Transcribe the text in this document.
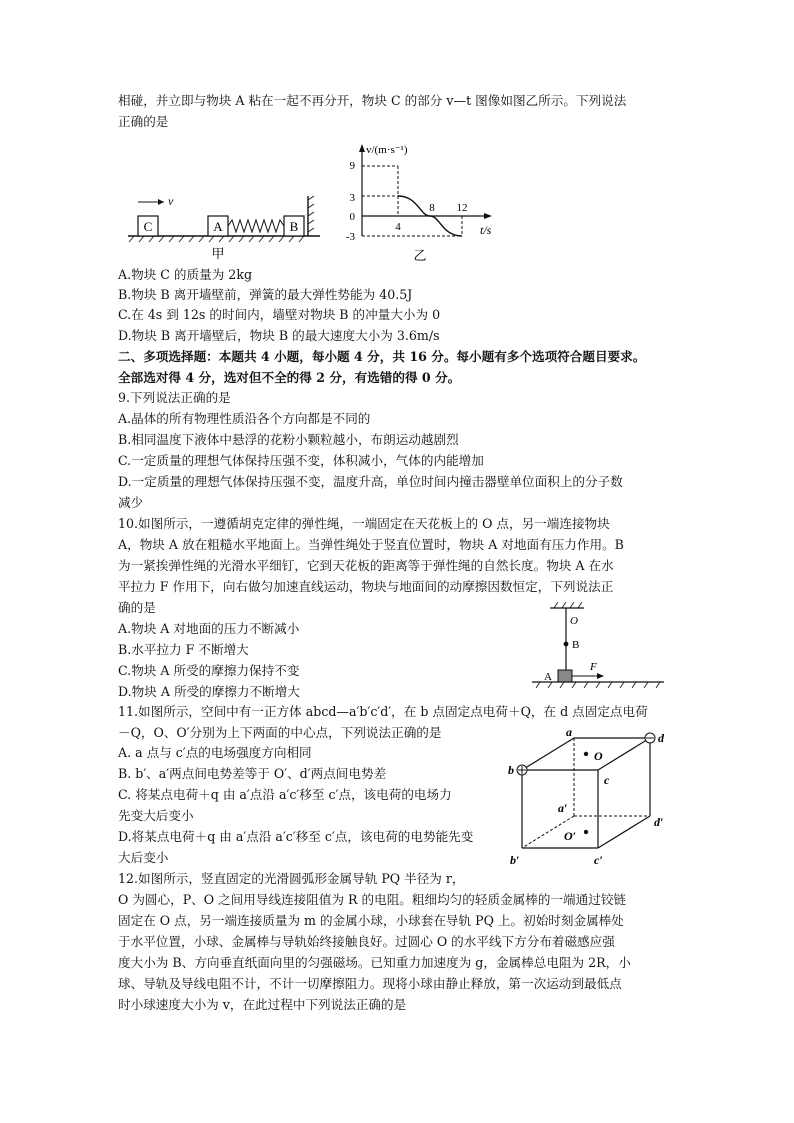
相碰，并立即与物块 A 粘在一起不再分开，物块 C 的部分 v—t 图像如图乙所示。下列说法
正确的是
C
v
A	B
甲
v/(m·s⁻¹)
t/s
9
3
0
-3
4
8 12
乙
A.物块 C 的质量为 2kg
B.物块 B 离开墙壁前，弹簧的最大弹性势能为 40.5J
C.在 4s 到 12s 的时间内，墙壁对物块 B 的冲量大小为 0
D.物块 B 离开墙壁后，物块 B 的最大速度大小为 3.6m/s
二、多项选择题：本题共 4 小题，每小题 4 分，共 16 分。每小题有多个选项符合题目要求。
全部选对得 4 分，选对但不全的得 2 分，有选错的得 0 分。
9.下列说法正确的是
A.晶体的所有物理性质沿各个方向都是不同的
B.相同温度下液体中悬浮的花粉小颗粒越小，布朗运动越剧烈
C.一定质量的理想气体保持压强不变，体积减小，气体的内能增加
D.一定质量的理想气体保持压强不变，温度升高，单位时间内撞击器壁单位面积上的分子数
减少
10.如图所示，一遵循胡克定律的弹性绳，一端固定在天花板上的 O 点，另一端连接物块
A，物块 A 放在粗糙水平地面上。当弹性绳处于竖直位置时，物块 A 对地面有压力作用。B
为一紧挨弹性绳的光滑水平细钉，它到天花板的距离等于弹性绳的自然长度。物块 A 在水
平拉力 F 作用下，向右做匀加速直线运动，物块与地面间的动摩擦因数恒定，下列说法正
确的是
A.物块 A 对地面的压力不断减小
B.水平拉力 F 不断增大
C.物块 A 所受的摩擦力保持不变
D.物块 A 所受的摩擦力不断增大
O
B
A
F
11.如图所示，空间中有一正方体 abcd—a′b′c′d′，在 b 点固定点电荷＋Q，在 d 点固定点电荷
－Q，O、O′分别为上下两面的中心点，下列说法正确的是
A. a 点与 c′点的电场强度方向相同
B. b′、a′两点间电势差等于 O′、d′两点间电势差
C. 将某点电荷＋q 由 a′点沿 a′c′移至 c′点，该电荷的电场力
先变大后变小
D.将某点电荷＋q 由 a′点沿 a′c′移至 c′点，该电荷的电势能先变
大后变小
a
b
c
d
O
a′
b′	c′
d′
O′
12.如图所示，竖直固定的光滑圆弧形金属导轨 PQ 半径为 r，
O 为圆心，P、O 之间用导线连接阻值为 R 的电阻。粗细均匀的轻质金属棒的一端通过铰链
固定在 O 点，另一端连接质量为 m 的金属小球，小球套在导轨 PQ 上。初始时刻金属棒处
于水平位置，小球、金属棒与导轨始终接触良好。过圆心 O 的水平线下方分布着磁感应强
度大小为 B、方向垂直纸面向里的匀强磁场。已知重力加速度为 g，金属棒总电阻为 2R，小
球、导轨及导线电阻不计，不计一切摩擦阻力。现将小球由静止释放，第一次运动到最低点
时小球速度大小为 v，在此过程中下列说法正确的是
